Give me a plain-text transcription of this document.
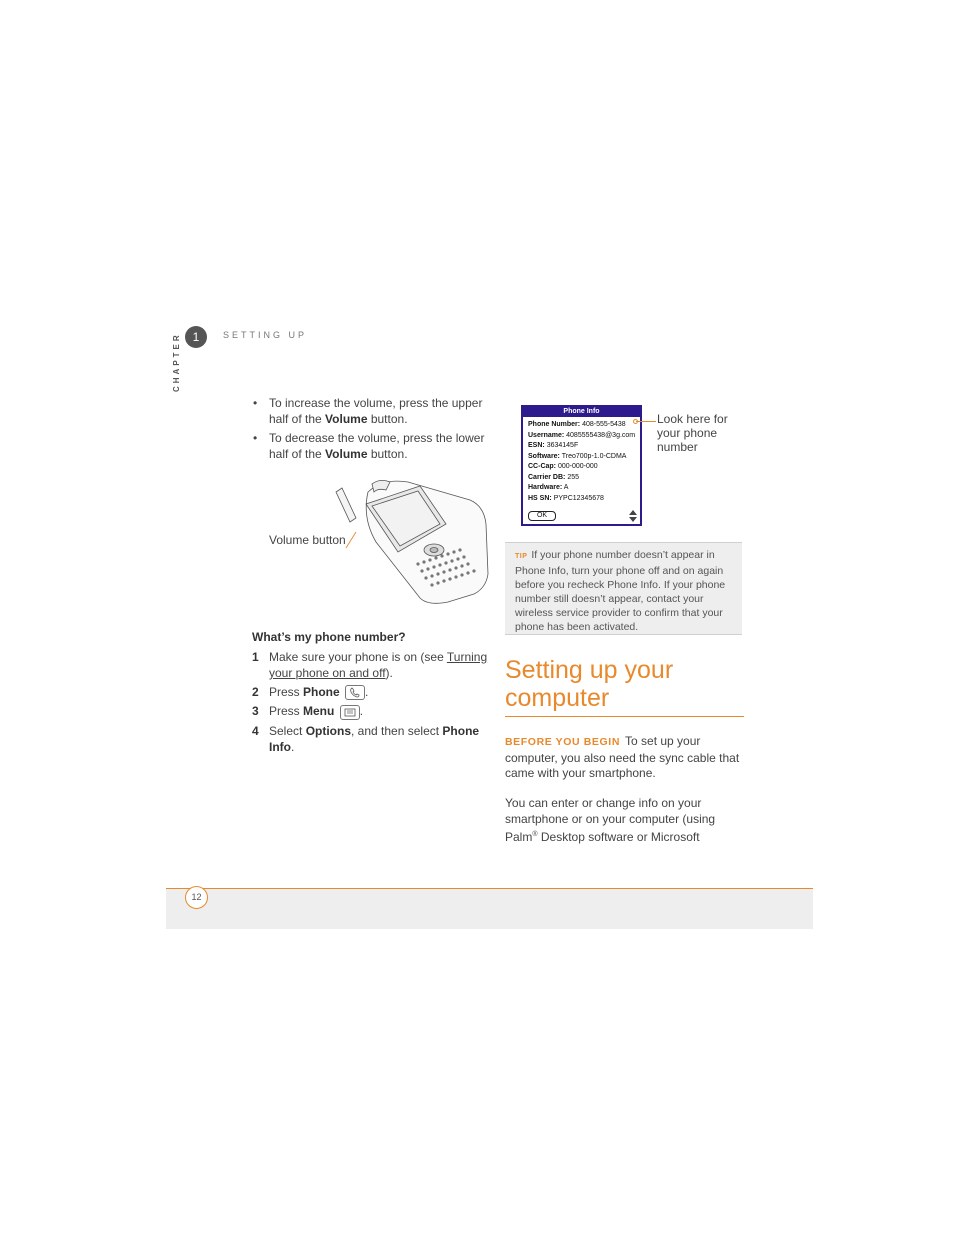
1	SETTING UP
CHAPTER
• To increase the volume, press the upper half of the Volume button.
• To decrease the volume, press the lower half of the Volume button.
Volume button
What’s my phone number?
1 Make sure your phone is on (see Turning your phone on and off).
2 Press Phone .
3 Press Menu .
4 Select Options, and then select Phone Info.
Phone Info
Phone Number: 408-555-5438
Username: 4085555438@3g.com
ESN: 3634145F
Software: Treo700p-1.0-CDMA
CC-Cap: 000-000-000
Carrier DB: 255
Hardware: A
HS SN: PYPC12345678
OK
Look here for your phone number
TIP If your phone number doesn’t appear in Phone Info, turn your phone off and on again before you recheck Phone Info. If your phone number still doesn’t appear, contact your wireless service provider to confirm that your phone has been activated.
Setting up your computer
BEFORE YOU BEGIN To set up your computer, you also need the sync cable that came with your smartphone.
You can enter or change info on your smartphone or on your computer (using Palm® Desktop software or Microsoft
12
